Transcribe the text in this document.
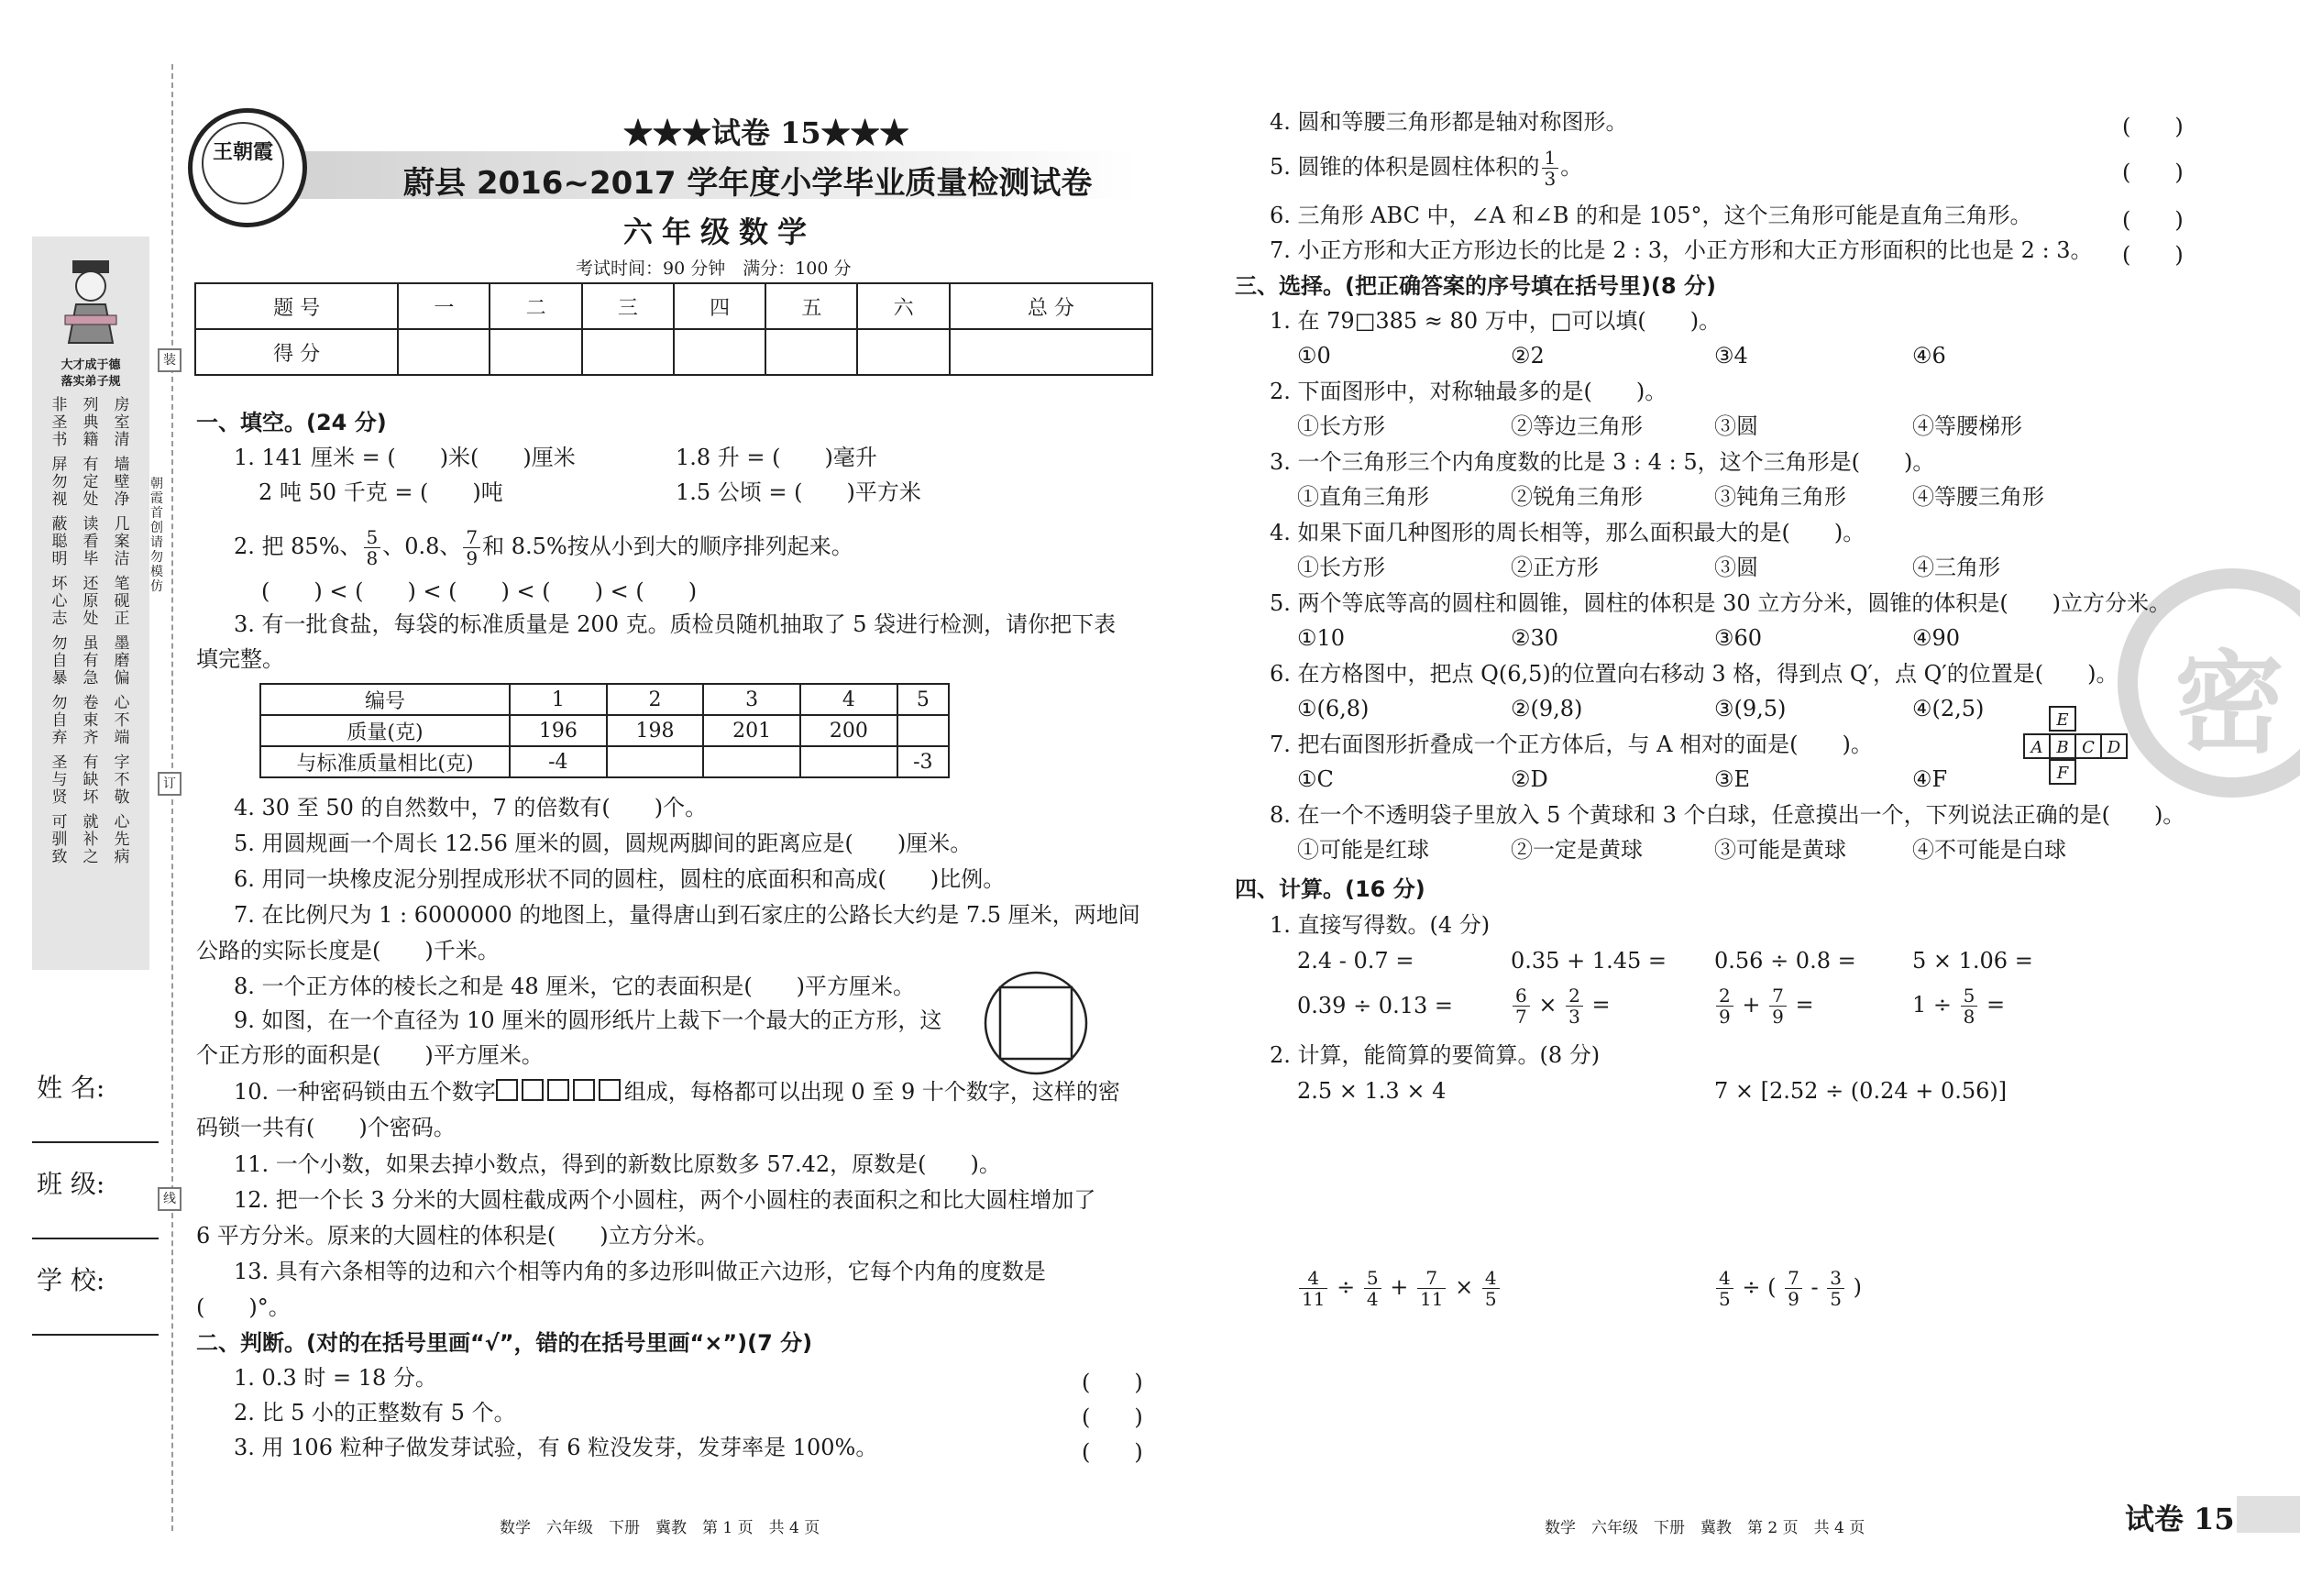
大才成于德
落实弟子规
非圣书
列典籍
房室清
屏勿视
有定处
墙壁净
蔽聪明
读看毕
几案洁
坏心志
还原处
笔砚正
勿自暴
虽有急
墨磨偏
勿自弃
卷束齐
心不端
圣与贤
有缺坏
字不敬
可驯致
就补之
心先病
装
订
线
朝霞首创　请勿模仿
姓 名:
班 级:
学 校:
王朝霞
★★★试卷 15★★★
蔚县 2016~2017 学年度小学毕业质量检测试卷
六年级数学
考试时间：90 分钟　满分：100 分
题 号	一	二	三	四	五	六	总 分
得 分							
一、填空。(24 分)
1. 141 厘米 = (　　)米(　　)厘米	1.8 升 = (　　)毫升
2 吨 50 千克 = (　　)吨	1.5 公顷 = (　　)平方米
2. 把 85%、 $\frac{5}{8}$ 、0.8、 $\frac{7}{9}$ 和 8.5%按从小到大的顺序排列起来。
(　　) < (　　) < (　　) < (　　) < (　　)
3. 有一批食盐，每袋的标准质量是 200 克。质检员随机抽取了 5 袋进行检测，请你把下表
填完整。
编号	1	2	3	4	5
质量(克)	196	198	201	200	
与标准质量相比(克)	-4				-3
4. 30 至 50 的自然数中，7 的倍数有(　　)个。
5. 用圆规画一个周长 12.56 厘米的圆，圆规两脚间的距离应是(　　)厘米。
6. 用同一块橡皮泥分别捏成形状不同的圆柱，圆柱的底面积和高成(　　)比例。
7. 在比例尺为 1 : 6000000 的地图上，量得唐山到石家庄的公路长大约是 7.5 厘米，两地间
公路的实际长度是(　　)千米。
8. 一个正方体的棱长之和是 48 厘米，它的表面积是(　　)平方厘米。
9. 如图，在一个直径为 10 厘米的圆形纸片上裁下一个最大的正方形，这
个正方形的面积是(　　)平方厘米。
10. 一种密码锁由五个数字	组成，每格都可以出现 0 至 9 十个数字，这样的密
码锁一共有(　　)个密码。
11. 一个小数，如果去掉小数点，得到的新数比原数多 57.42，原数是(　　)。
12. 把一个长 3 分米的大圆柱截成两个小圆柱，两个小圆柱的表面积之和比大圆柱增加了
6 平方分米。原来的大圆柱的体积是(　　)立方分米。
13. 具有六条相等的边和六个相等内角的多边形叫做正六边形，它每个内角的度数是
(　　)°。
二、判断。(对的在括号里画“√”，错的在括号里画“×”)(7 分)
1. 0.3 时 = 18 分。	(　　)
2. 比 5 小的正整数有 5 个。	(　　)
3. 用 106 粒种子做发芽试验，有 6 粒没发芽，发芽率是 100%。	(　　)
4. 圆和等腰三角形都是轴对称图形。	(　　)
5. 圆锥的体积是圆柱体积的 $\frac{1}{3}$ 。	(　　)
6. 三角形 ABC 中，∠A 和∠B 的和是 105°，这个三角形可能是直角三角形。	(　　)
7. 小正方形和大正方形边长的比是 2 : 3，小正方形和大正方形面积的比也是 2 : 3。 (　　)
密
三、选择。(把正确答案的序号填在括号里)(8 分)
1. 在 79□385 ≈ 80 万中，□可以填(　　)。
①0	②2	③4	④6
2. 下面图形中，对称轴最多的是(　　)。
①长方形	②等边三角形	③圆	④等腰梯形
3. 一个三角形三个内角度数的比是 3 : 4 : 5，这个三角形是(　　)。
①直角三角形	②锐角三角形	③钝角三角形	④等腰三角形
4. 如果下面几种图形的周长相等，那么面积最大的是(　　)。
①长方形	②正方形	③圆	④三角形
5. 两个等底等高的圆柱和圆锥，圆柱的体积是 30 立方分米，圆锥的体积是(　　)立方分米。
①10	②30	③60	④90
6. 在方格图中，把点 Q(6,5)的位置向右移动 3 格，得到点 Q′，点 Q′的位置是(　　)。
①(6,8)	②(9,8)	③(9,5)	④(2,5)
7. 把右面图形折叠成一个正方体后，与 A 相对的面是(　　)。
①C	②D	③E	④F
8. 在一个不透明袋子里放入 5 个黄球和 3 个白球，任意摸出一个，下列说法正确的是(　　)。
①可能是红球	②一定是黄球	③可能是黄球	④不可能是白球
E
A B C D
F
四、计算。(16 分)
1. 直接写得数。(4 分)
2.4 - 0.7 =	0.35 + 1.45 = 0.56 ÷ 0.8 =	5 × 1.06 =
0.39 ÷ 0.13 =	$\frac{6}{7} \times \frac{2}{3}$ =	$\frac{2}{9} + \frac{7}{9}$ =	$1 \div \frac{5}{8}$ =
2. 计算，能简算的要简算。(8 分)
2.5 × 1.3 × 4	7 × [2.52 ÷ (0.24 + 0.56)]
$\frac{4}{11} \div \frac{5}{4} + \frac{7}{11} \times \frac{4}{5}$	$\frac{4}{5}$ ÷ ( $\frac{7}{9} - \frac{3}{5}$ )
数学　六年级　下册　冀教　第 1 页　共 4 页	数学　六年级　下册　冀教　第 2 页　共 4 页	试卷 15
